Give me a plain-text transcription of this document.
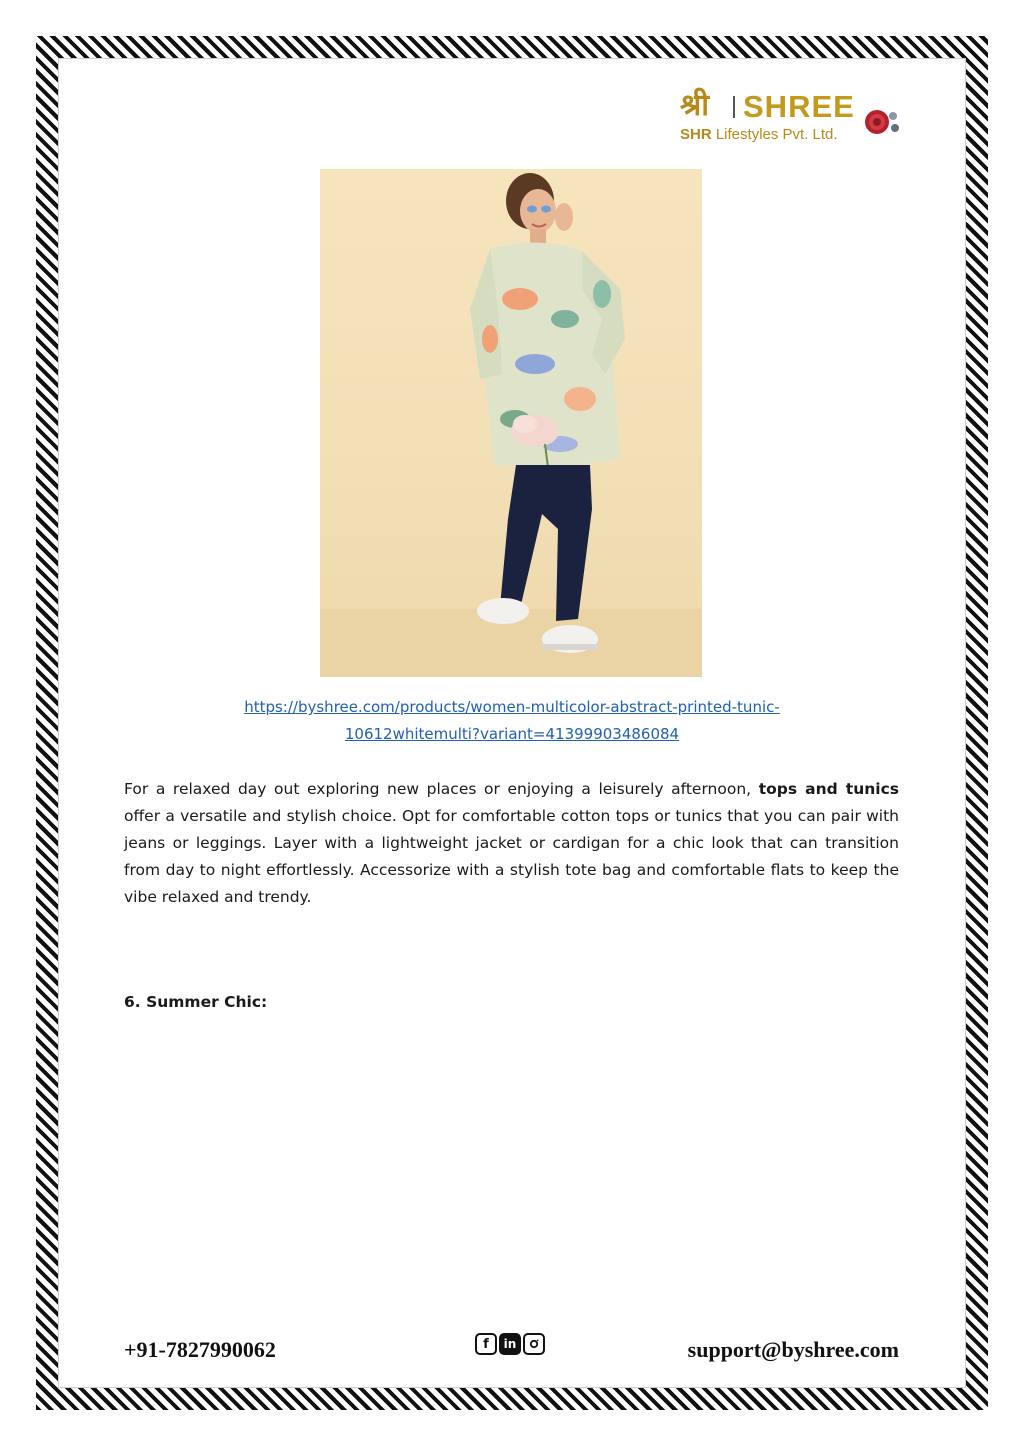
श्री SHREE
SHR Lifestyles Pvt. Ltd.
https://byshree.com/products/women-multicolor-abstract-printed-tunic-
10612whitemulti?variant=41399903486084
For a relaxed day out exploring new places or enjoying a leisurely afternoon, tops and tunics offer a versatile and stylish choice. Opt for comfortable cotton tops or tunics that you can pair with jeans or leggings. Layer with a lightweight jacket or cardigan for a chic look that can transition from day to night effortlessly. Accessorize with a stylish tote bag and comfortable flats to keep the vibe relaxed and trendy.
6. Summer Chic:
+91-7827990062	f	in	support@byshree.com
